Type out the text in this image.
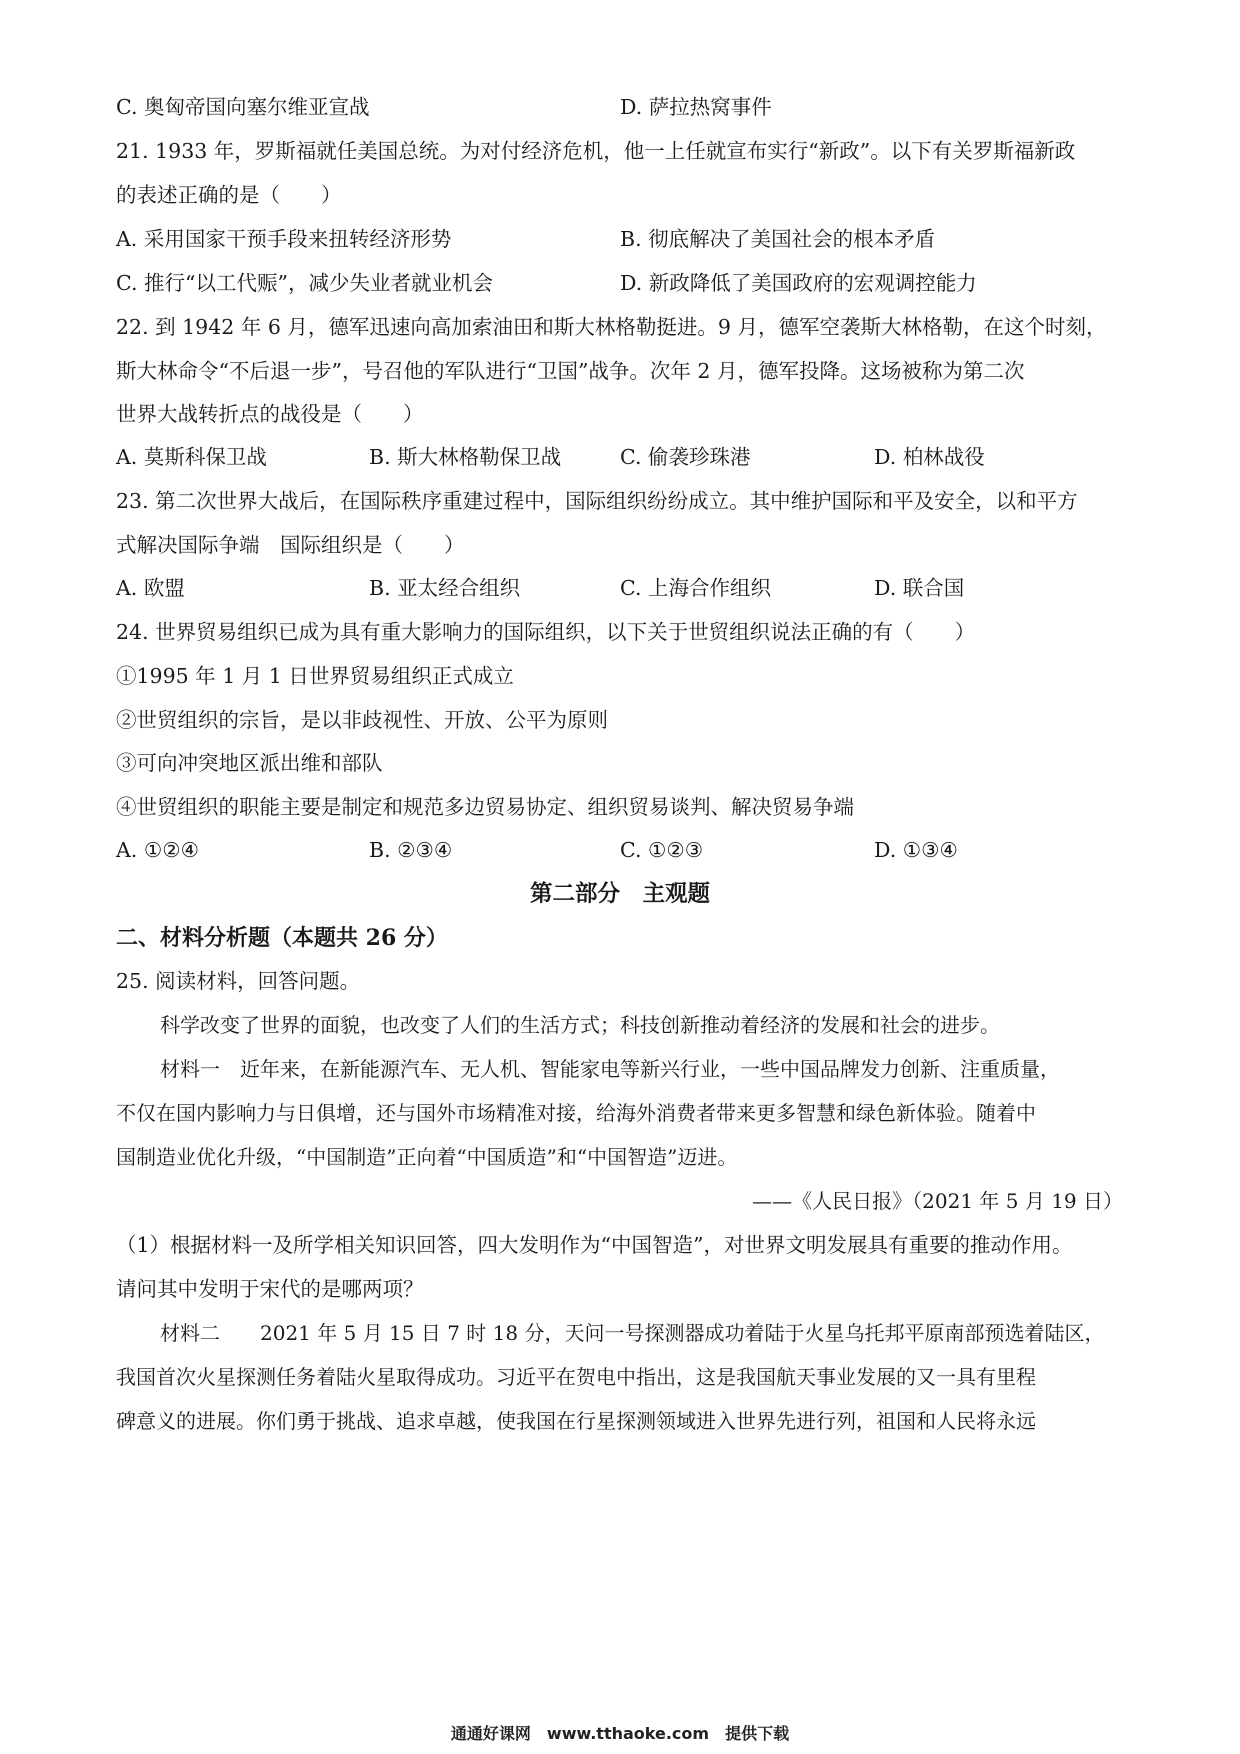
C. 奥匈帝国向塞尔维亚宣战	D. 萨拉热窝事件
21. 1933 年，罗斯福就任美国总统。为对付经济危机，他一上任就宣布实行“新政”。以下有关罗斯福新政
的表述正确的是（　　）
A. 采用国家干预手段来扭转经济形势	B. 彻底解决了美国社会的根本矛盾
C. 推行“以工代赈”，减少失业者就业机会	D. 新政降低了美国政府的宏观调控能力
22. 到 1942 年 6 月，德军迅速向高加索油田和斯大林格勒挺进。9 月，德军空袭斯大林格勒，在这个时刻，
斯大林命令“不后退一步”，号召他的军队进行“卫国”战争。次年 2 月，德军投降。这场被称为第二次
世界大战转折点的战役是（　　）
A. 莫斯科保卫战	B. 斯大林格勒保卫战	C. 偷袭珍珠港	D. 柏林战役
23. 第二次世界大战后，在国际秩序重建过程中，国际组织纷纷成立。其中维护国际和平及安全，以和平方
式解决国际争端　国际组织是（　　）
A. 欧盟	B. 亚太经合组织	C. 上海合作组织	D. 联合国
24. 世界贸易组织已成为具有重大影响力的国际组织，以下关于世贸组织说法正确的有（　　）
①1995 年 1 月 1 日世界贸易组织正式成立
②世贸组织的宗旨，是以非歧视性、开放、公平为原则
③可向冲突地区派出维和部队
④世贸组织的职能主要是制定和规范多边贸易协定、组织贸易谈判、解决贸易争端
A. ①②④	B. ②③④	C. ①②③	D. ①③④
第二部分　主观题
二、材料分析题（本题共 26 分）
25. 阅读材料，回答问题。
科学改变了世界的面貌，也改变了人们的生活方式；科技创新推动着经济的发展和社会的进步。
材料一　近年来，在新能源汽车、无人机、智能家电等新兴行业，一些中国品牌发力创新、注重质量，
不仅在国内影响力与日俱增，还与国外市场精准对接，给海外消费者带来更多智慧和绿色新体验。随着中
国制造业优化升级，“中国制造”正向着“中国质造”和“中国智造”迈进。
——《人民日报》（2021 年 5 月 19 日）
（1）根据材料一及所学相关知识回答，四大发明作为“中国智造”，对世界文明发展具有重要的推动作用。
请问其中发明于宋代的是哪两项？
材料二　　2021 年 5 月 15 日 7 时 18 分，天问一号探测器成功着陆于火星乌托邦平原南部预选着陆区，
我国首次火星探测任务着陆火星取得成功。习近平在贺电中指出，这是我国航天事业发展的又一具有里程
碑意义的进展。你们勇于挑战、追求卓越，使我国在行星探测领域进入世界先进行列，祖国和人民将永远
通通好课网　www.tthaoke.com　提供下载
